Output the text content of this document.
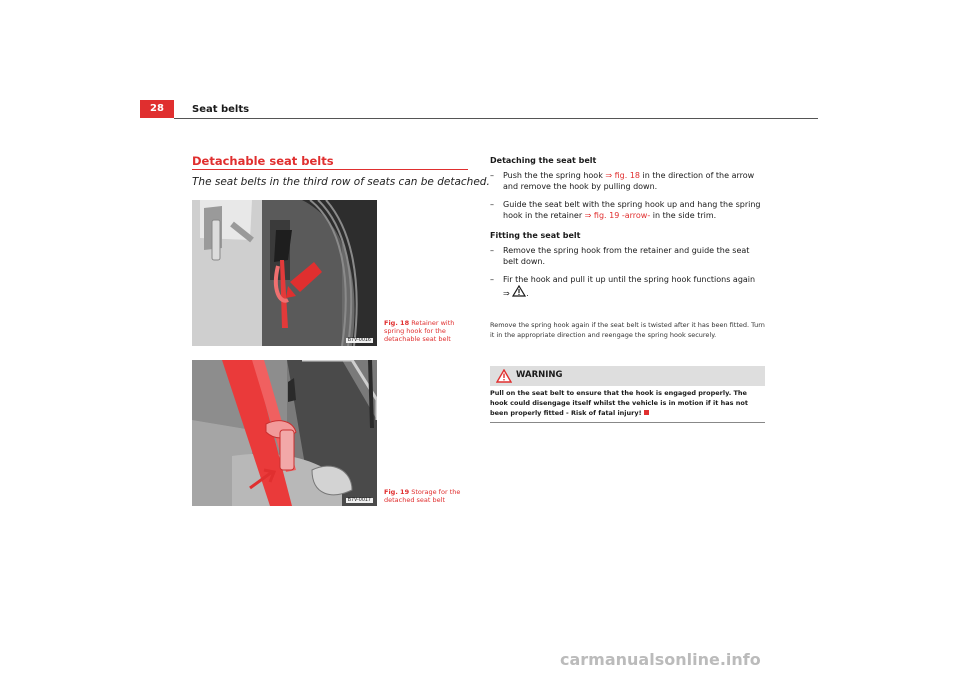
28	Seat belts
Detachable seat belts
The seat belts in the third row of seats can be detached.
B7V-0016
Fig. 18 Retainer with spring hook for the detachable seat belt
B7V-0017
Fig. 19 Storage for the detached seat belt
Detaching the seat belt
– Push the the spring hook ⇒ fig. 18 in the direction of the arrow and remove the hook by pulling down.
– Guide the seat belt with the spring hook up and hang the spring hook in the retainer ⇒ fig. 19 -arrow- in the side trim.
Fitting the seat belt
– Remove the spring hook from the retainer and guide the seat belt down.
– Fir the hook and pull it up until the spring hook functions again
⇒ .
Remove the spring hook again if the seat belt is twisted after it has been fitted. Turn it in the appropriate direction and reengage the spring hook securely.
WARNING
Pull on the seat belt to ensure that the hook is engaged properly. The hook could disengage itself whilst the vehicle is in motion if it has not been properly fitted - Risk of fatal injury!
carmanualsonline.info
